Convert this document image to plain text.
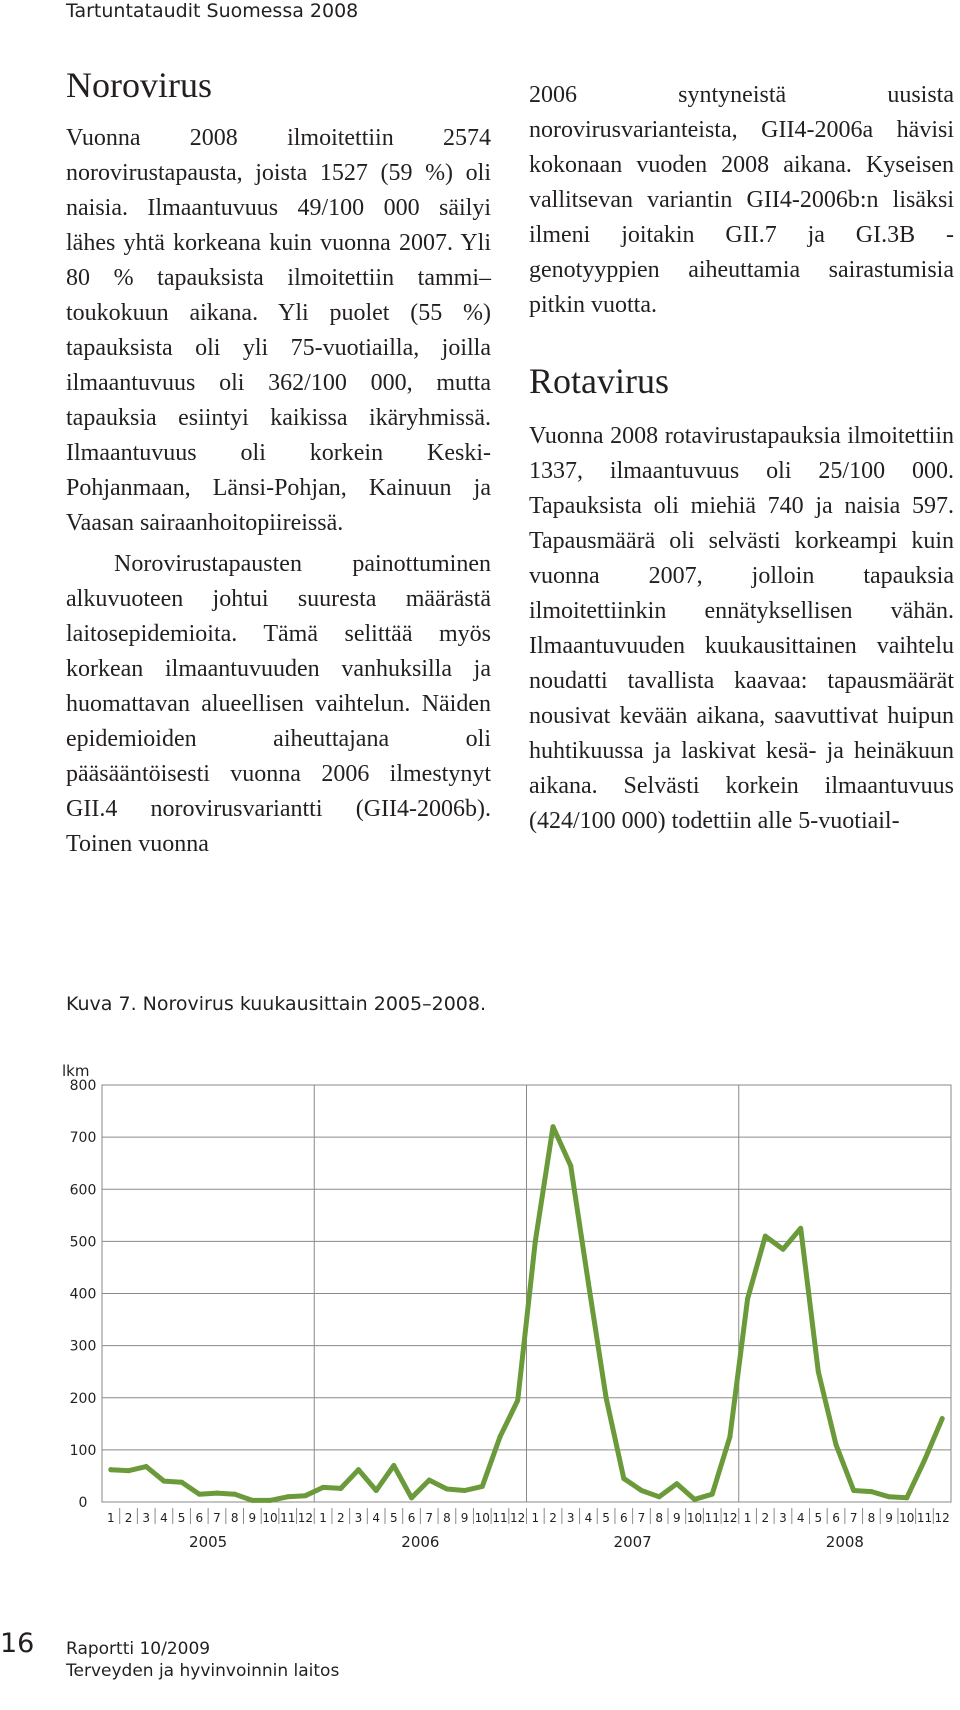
Tartuntataudit Suomessa 2008
Norovirus

Vuonna 2008 ilmoitettiin 2574 norovirustapausta, joista 1527 (59 %) oli naisia. Ilmaantuvuus 49/100 000 säilyi lähes yhtä korkeana kuin vuonna 2007. Yli 80 % tapauksista ilmoitettiin tammi–toukokuun aikana. Yli puolet (55 %) tapauksista oli yli 75-vuotiailla, joilla ilmaantuvuus oli 362/100 000, mutta tapauksia esiintyi kaikissa ikäryhmissä. Ilmaantuvuus oli korkein Keski-Pohjanmaan, Länsi-Pohjan, Kainuun ja Vaasan sairaanhoitopiireissä.

Norovirustapausten painottuminen alkuvuoteen johtui suuresta määrästä laitosepidemioita. Tämä selittää myös korkean ilmaantuvuuden vanhuksilla ja huomattavan alueellisen vaihtelun. Näiden epidemioiden aiheuttajana oli pääsääntöisesti vuonna 2006 ilmestynyt GII.4 norovirusvariantti (GII4-2006b). Toinen vuonna

2006 syntyneistä uusista norovirusvarianteista, GII4-2006a hävisi kokonaan vuoden 2008 aikana. Kyseisen vallitsevan variantin GII4-2006b:n lisäksi ilmeni joitakin GII.7 ja GI.3B -genotyyppien aiheuttamia sairastumisia pitkin vuotta.

Rotavirus

Vuonna 2008 rotavirustapauksia ilmoitettiin 1337, ilmaantuvuus oli 25/100 000. Tapauksista oli miehiä 740 ja naisia 597. Tapausmäärä oli selvästi korkeampi kuin vuonna 2007, jolloin tapauksia ilmoitettiinkin ennätyksellisen vähän. Ilmaantuvuuden kuukausittainen vaihtelu noudatti tavallista kaavaa: tapausmäärät nousivat kevään aikana, saavuttivat huipun huhtikuussa ja laskivat kesä- ja heinäkuun aikana. Selvästi korkein ilmaantuvuus (424/100 000) todettiin alle 5-vuotiail-

Kuva 7. Norovirus kuukausittain 2005–2008.
0
100
200
300
400
500
600
700
800
1 2 3 4 5 6 7 8 9 10 11 12 1 2 3 4 5 6 7 8 9 10 11 12 1 2 3 4 5 6 7 8 9 10 11 12 1 2 3 4 5 6 7 8 9 10 11 12
2005	2006	2007	2008
lkm
16 Raportti 10/2009
Terveyden ja hyvinvoinnin laitos
